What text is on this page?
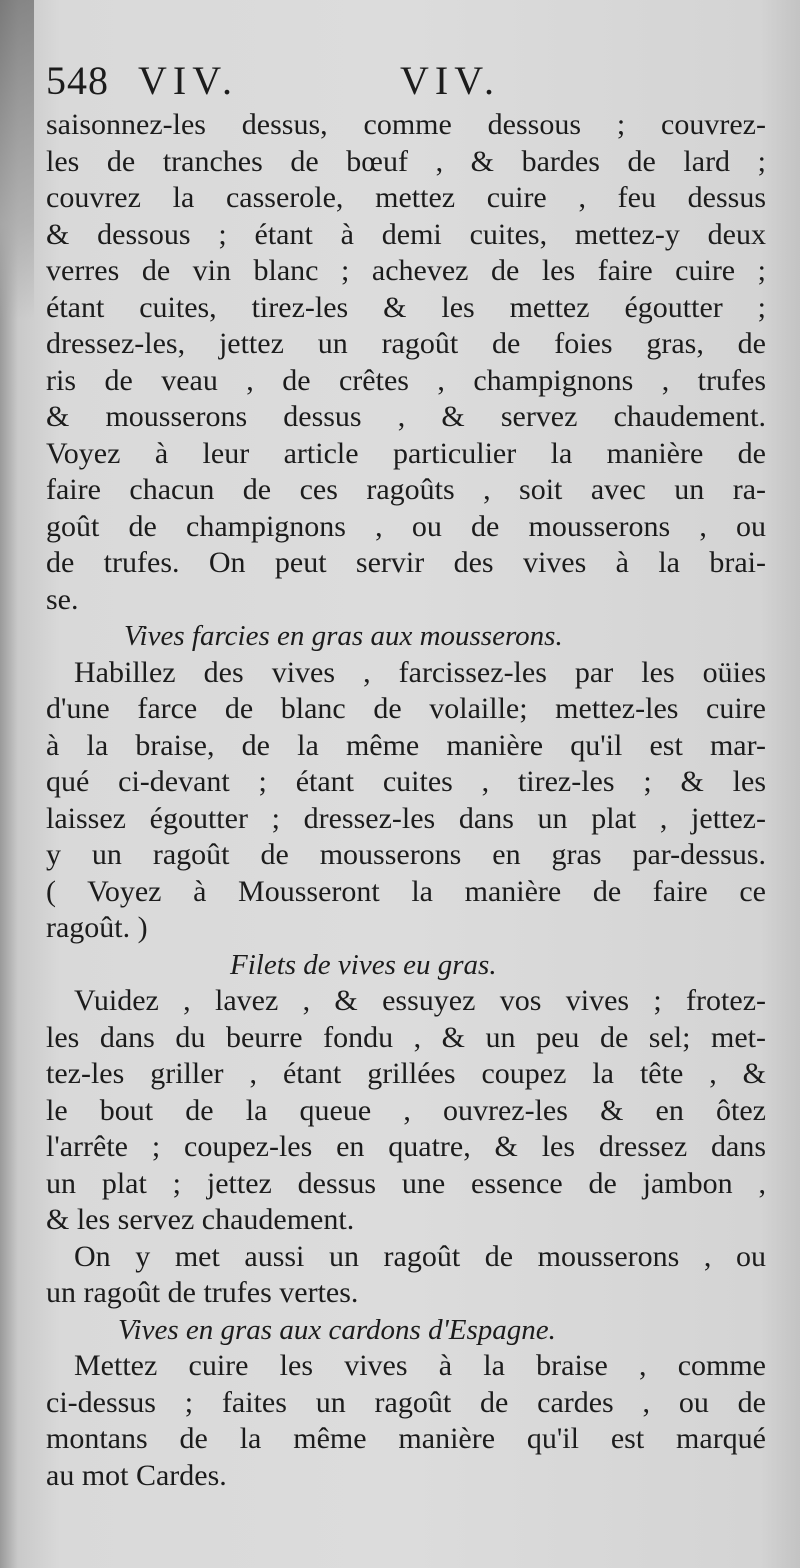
548 VIV.	VIV.
saisonnez-les dessus, comme dessous ; couvrez-
les de tranches de bœuf , & bardes de lard ;
couvrez la casserole, mettez cuire , feu dessus
& dessous ; étant à demi cuites, mettez-y deux
verres de vin blanc ; achevez de les faire cuire ;
étant cuites, tirez-les & les mettez égoutter ;
dressez-les, jettez un ragoût de foies gras, de
ris de veau , de crêtes , champignons , trufes
& mousserons dessus , & servez chaudement.
Voyez à leur article particulier la manière de
faire chacun de ces ragoûts , soit avec un ra-
goût de champignons , ou de mousserons , ou
de trufes. On peut servir des vives à la brai-
se.
Vives farcies en gras aux mousserons.
Habillez des vives , farcissez-les par les oüies
d'une farce de blanc de volaille; mettez-les cuire
à la braise, de la même manière qu'il est mar-
qué ci-devant ; étant cuites , tirez-les ; & les
laissez égoutter ; dressez-les dans un plat , jettez-
y un ragoût de mousserons en gras par-dessus.
( Voyez à Mousseront la manière de faire ce
ragoût. )
Filets de vives eu gras.
Vuidez , lavez , & essuyez vos vives ; frotez-
les dans du beurre fondu , & un peu de sel; met-
tez-les griller , étant grillées coupez la tête , &
le bout de la queue , ouvrez-les & en ôtez
l'arrête ; coupez-les en quatre, & les dressez dans
un plat ; jettez dessus une essence de jambon ,
& les servez chaudement.
On y met aussi un ragoût de mousserons , ou
un ragoût de trufes vertes.
Vives en gras aux cardons d'Espagne.
Mettez cuire les vives à la braise , comme
ci-dessus ; faites un ragoût de cardes , ou de
montans de la même manière qu'il est marqué
au mot Cardes.
